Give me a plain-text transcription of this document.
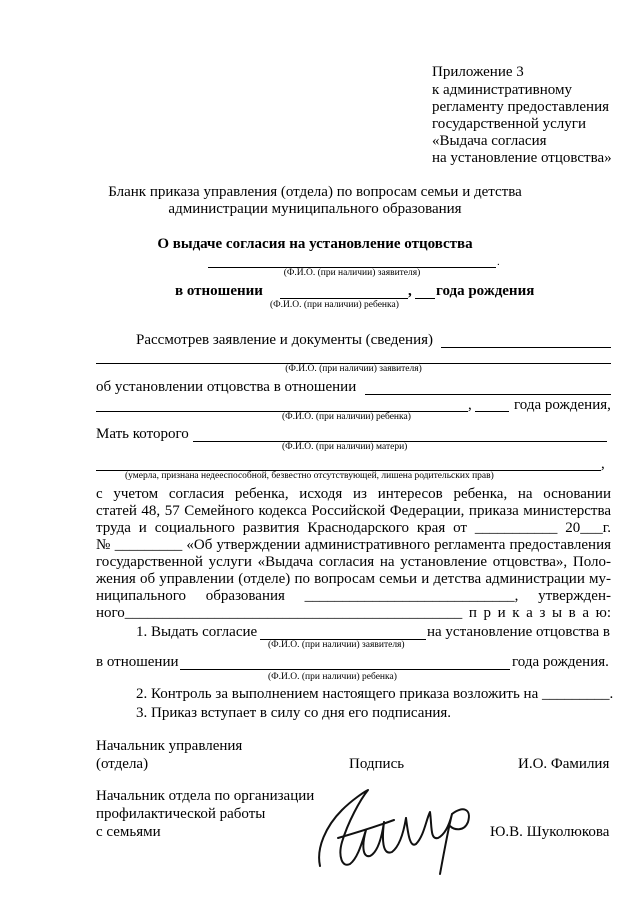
Приложение 3
к административному
регламенту предоставления
государственной услуги
«Выдача согласия
на установление отцовства»
Бланк приказа управления (отдела) по вопросам семьи и детства
администрации муниципального образования
О выдаче согласия на установление отцовства
.
(Ф.И.О. (при наличии) заявителя)
в отношении	, года рождения
(Ф.И.О. (при наличии) ребенка)
Рассмотрев заявление и документы (сведения)
(Ф.И.О. (при наличии) заявителя)
об установлении отцовства в отношении
,	года рождения,
(Ф.И.О. (при наличии) ребенка)
Мать которого
(Ф.И.О. (при наличии) матери)
,
(умерла, признана недееспособной, безвестно отсутствующей, лишена родительских прав)
с учетом согласия ребенка, исходя из интересов ребенка, на основании
статей 48, 57 Семейного кодекса Российской Федерации, приказа министерства
труда и социального развития Краснодарского края от ___________ 20___г.
№ _________ «Об утверждении административного регламента предоставления
государственной услуги «Выдача согласия на установление отцовства», Поло-
жения об управлении (отделе) по вопросам семьи и детства администрации му-
ниципального образования ____________________________, утвержден-
ного_____________________________________________ п р и к а з ы в а ю:
1. Выдать согласие	на установление отцовства в
(Ф.И.О. (при наличии) заявителя)
в отношении	года рождения.
(Ф.И.О. (при наличии) ребенка)
2. Контроль за выполнением настоящего приказа возложить на _________.
3. Приказ вступает в силу со дня его подписания.
Начальник управления
(отдела)	Подпись	И.О. Фамилия
Начальник отдела по организации
профилактической работы
с семьями	Ю.В. Шуколюкова
